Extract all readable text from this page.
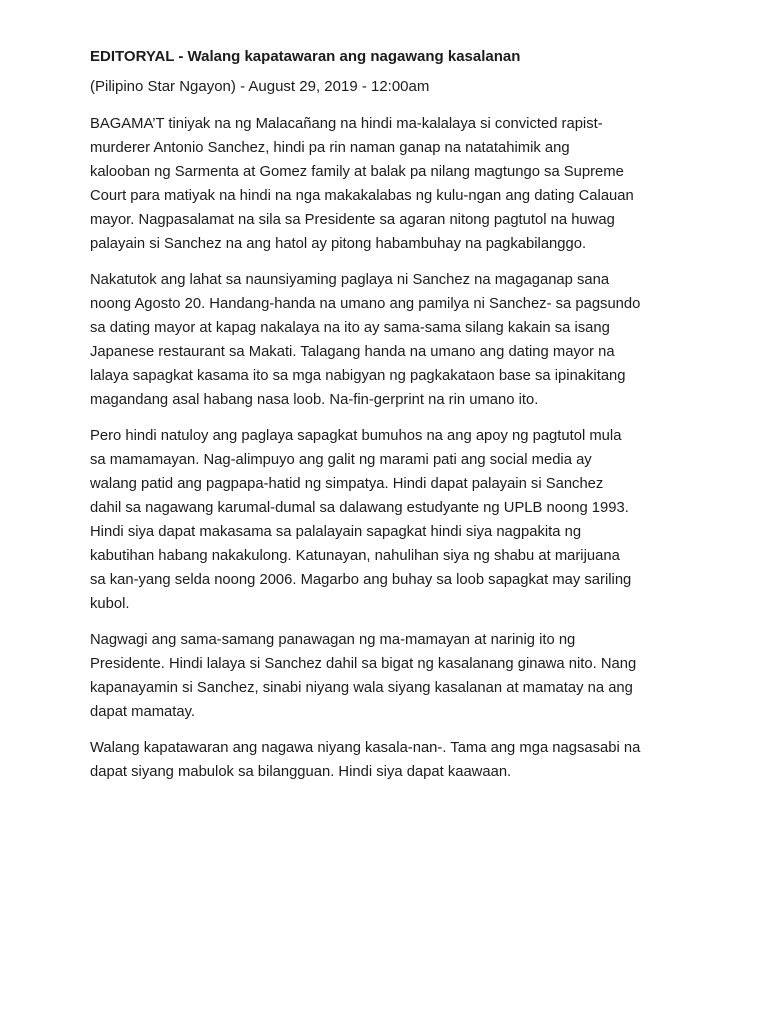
EDITORYAL - Walang kapatawaran ang nagawang kasalanan
(Pilipino Star Ngayon) - August 29, 2019 - 12:00am
BAGAMA’T tiniyak na ng Malacañang na hindi ma-kalalaya si convicted rapist-
murderer Antonio Sanchez, hindi pa rin naman ganap na natatahimik ang
kalooban ng Sarmenta at Gomez family at balak pa nilang magtungo sa Supreme
Court para matiyak na hindi na nga makakalabas ng kulu-ngan ang dating Calauan
mayor. Nagpasalamat na sila sa Presidente sa agaran nitong pagtutol na huwag
palayain si Sanchez na ang hatol ay pitong habambuhay na pagkabilanggo.
Nakatutok ang lahat sa naunsiyaming paglaya ni Sanchez na magaganap sana
noong Agosto 20. Handang-handa na umano ang pamilya ni Sanchez- sa pagsundo
sa dating mayor at kapag nakalaya na ito ay sama-sama silang kakain sa isang
Japanese restaurant sa Makati. Talagang handa na umano ang dating mayor na
lalaya sapagkat kasama ito sa mga nabigyan ng pagkakataon base sa ipinakitang
magandang asal habang nasa loob. Na-fin-gerprint na rin umano ito.
Pero hindi natuloy ang paglaya sapagkat bumuhos na ang apoy ng pagtutol mula
sa mamamayan. Nag-alimpuyo ang galit ng marami pati ang social media ay
walang patid ang pagpapa-hatid ng simpatya. Hindi dapat palayain si Sanchez
dahil sa nagawang karumal-dumal sa dalawang estudyante ng UPLB noong 1993.
Hindi siya dapat makasama sa palalayain sapagkat hindi siya nagpakita ng
kabutihan habang nakakulong. Katunayan, nahulihan siya ng shabu at marijuana
sa kan-yang selda noong 2006. Magarbo ang buhay sa loob sapagkat may sariling
kubol.
Nagwagi ang sama-samang panawagan ng ma-mamayan at narinig ito ng
Presidente. Hindi lalaya si Sanchez dahil sa bigat ng kasalanang ginawa nito. Nang
kapanayamin si Sanchez, sinabi niyang wala siyang kasalanan at mamatay na ang
dapat mamatay.
Walang kapatawaran ang nagawa niyang kasala-nan-. Tama ang mga nagsasabi na
dapat siyang mabulok sa bilangguan. Hindi siya dapat kaawaan.
